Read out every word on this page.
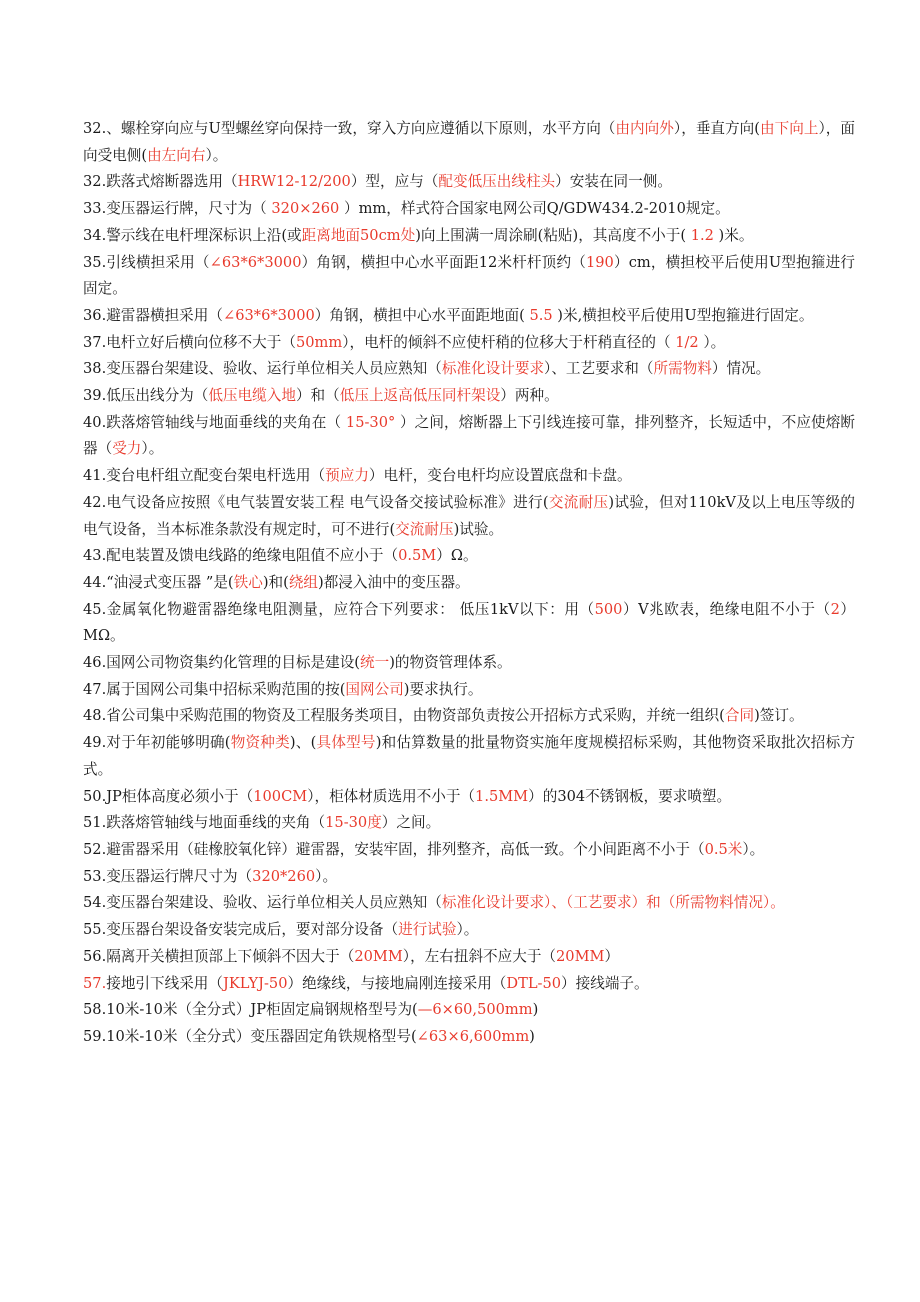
32.、螺栓穿向应与U型螺丝穿向保持一致，穿入方向应遵循以下原则，水平方向（由内向外），垂直方向(由下向上），面向受电侧(由左向右）。
32.跌落式熔断器选用（HRW12-12/200）型，应与（配变低压出线柱头）安装在同一侧。
33.变压器运行牌，尺寸为（ 320×260 ）mm，样式符合国家电网公司Q/GDW434.2-2010规定。
34.警示线在电杆埋深标识上沿(或距离地面50cm处)向上围满一周涂刷(粘贴)，其高度不小于( 1.2 )米。
35.引线横担采用（∠63*6*3000）角钢，横担中心水平面距12米杆杆顶约（190）cm，横担校平后使用U型抱箍进行固定。
36.避雷器横担采用（∠63*6*3000）角钢，横担中心水平面距地面( 5.5 )米,横担校平后使用U型抱箍进行固定。
37.电杆立好后横向位移不大于（50mm），电杆的倾斜不应使杆稍的位移大于杆稍直径的（ 1/2 ）。
38.变压器台架建设、验收、运行单位相关人员应熟知（标准化设计要求）、工艺要求和（所需物料）情况。
39.低压出线分为（低压电缆入地）和（低压上返高低压同杆架设）两种。
40.跌落熔管轴线与地面垂线的夹角在（ 15-30° ）之间，熔断器上下引线连接可靠，排列整齐，长短适中，不应使熔断器（受力）。
41.变台电杆组立配变台架电杆选用（预应力）电杆，变台电杆均应设置底盘和卡盘。
42.电气设备应按照《电气装置安装工程 电气设备交接试验标准》进行(交流耐压)试验，但对110kV及以上电压等级的电气设备，当本标准条款没有规定时，可不进行(交流耐压)试验。
43.配电装置及馈电线路的绝缘电阻值不应小于（0.5M）Ω。
44.“油浸式变压器 ”是(铁心)和(绕组)都浸入油中的变压器。
45.金属氧化物避雷器绝缘电阻测量，应符合下列要求： 低压1kV以下：用（500）V兆欧表，绝缘电阻不小于（2）MΩ。
46.国网公司物资集约化管理的目标是建设(统一)的物资管理体系。
47.属于国网公司集中招标采购范围的按(国网公司)要求执行。
48.省公司集中采购范围的物资及工程服务类项目，由物资部负责按公开招标方式采购，并统一组织(合同)签订。
49.对于年初能够明确(物资种类)、(具体型号)和估算数量的批量物资实施年度规模招标采购，其他物资采取批次招标方式。
50.JP柜体高度必须小于（100CM），柜体材质选用不小于（1.5MM）的304不锈钢板，要求喷塑。
51.跌落熔管轴线与地面垂线的夹角（15-30度）之间。
52.避雷器采用（硅橡胶氧化锌）避雷器，安装牢固，排列整齐，高低一致。个小间距离不小于（0.5米）。
53.变压器运行牌尺寸为（320*260）。
54.变压器台架建设、验收、运行单位相关人员应熟知（标准化设计要求）、（工艺要求）和（所需物料情况）。
55.变压器台架设备安装完成后，要对部分设备（进行试验）。
56.隔离开关横担顶部上下倾斜不因大于（20MM），左右扭斜不应大于（20MM）
57.接地引下线采用（JKLYJ-50）绝缘线，与接地扁刚连接采用（DTL-50）接线端子。
58.10米-10米（全分式）JP柜固定扁钢规格型号为(—6×60,500mm)
59.10米-10米（全分式）变压器固定角铁规格型号(∠63×6,600mm)
